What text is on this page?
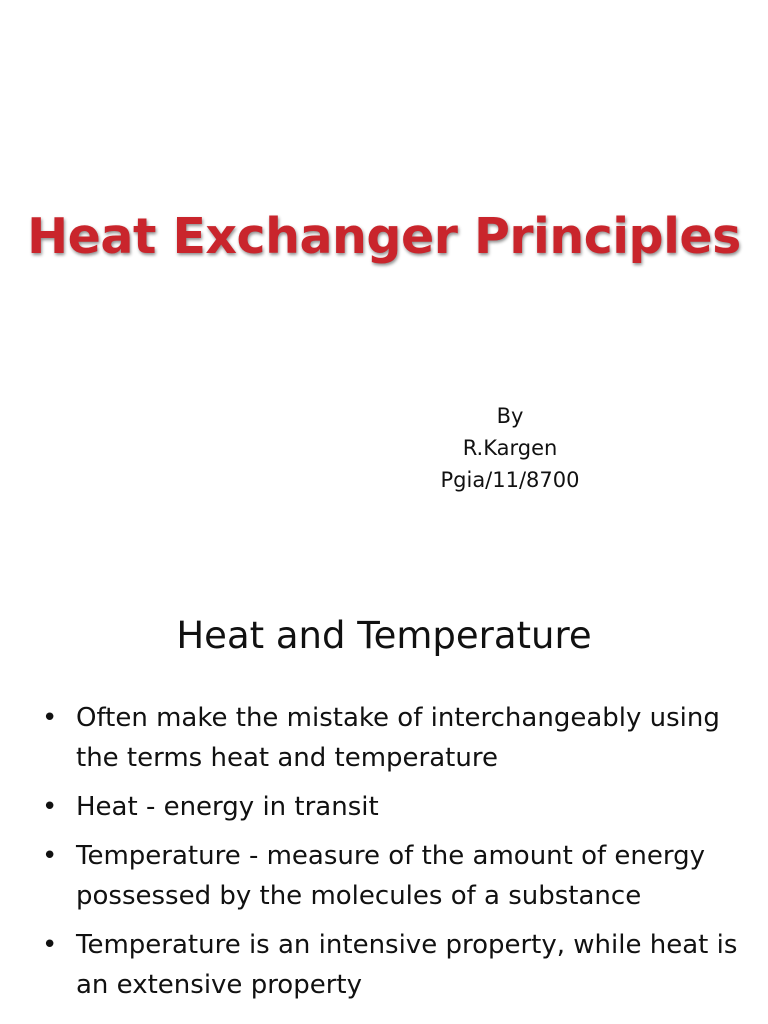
Heat Exchanger Principles
By
R.Kargen
Pgia/11/8700
Heat and Temperature
• Often make the mistake of interchangeably using the terms heat and temperature
• Heat - energy in transit
• Temperature - measure of the amount of energy possessed by the molecules of a substance
• Temperature is an intensive property, while heat is an extensive property
